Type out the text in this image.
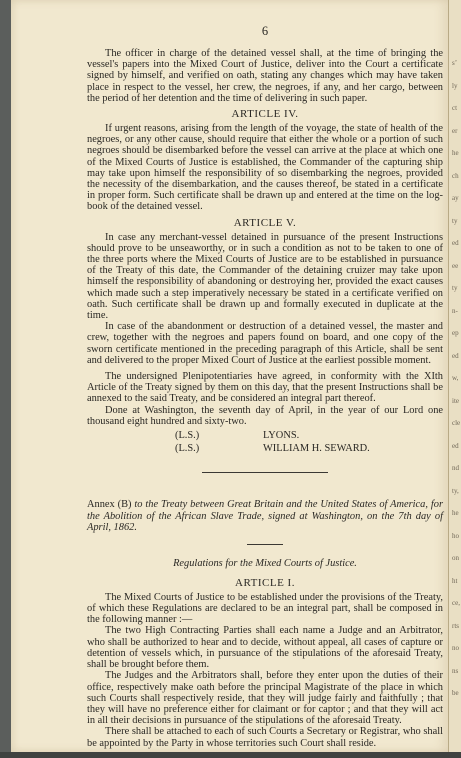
6

The officer in charge of the detained vessel shall, at the time of bringing the vessel's papers into the Mixed Court of Justice, deliver into the Court a certificate signed by himself, and verified on oath, stating any changes which may have taken place in respect to the vessel, her crew, the negroes, if any, and her cargo, between the period of her detention and the time of delivering in such paper.

ARTICLE IV.

If urgent reasons, arising from the length of the voyage, the state of health of the negroes, or any other cause, should require that either the whole or a portion of such negroes should be disembarked before the vessel can arrive at the place at which one of the Mixed Courts of Justice is established, the Commander of the capturing ship may take upon himself the responsibility of so disembarking the negroes, provided the necessity of the disembarkation, and the causes thereof, be stated in a certificate in proper form. Such certificate shall be drawn up and entered at the time on the log-book of the detained vessel.

ARTICLE V.

In case any merchant-vessel detained in pursuance of the present Instructions should prove to be unseaworthy, or in such a condition as not to be taken to one of the three ports where the Mixed Courts of Justice are to be established in pursuance of the Treaty of this date, the Commander of the detaining cruizer may take upon himself the responsibility of abandoning or destroying her, provided the exact causes which made such a step imperatively necessary be stated in a certificate verified on oath. Such certificate shall be drawn up and formally executed in duplicate at the time.

In case of the abandonment or destruction of a detained vessel, the master and crew, together with the negroes and papers found on board, and one copy of the sworn certificate mentioned in the preceding paragraph of this Article, shall be sent and delivered to the proper Mixed Court of Justice at the earliest possible moment.

The undersigned Plenipotentiaries have agreed, in conformity with the XIth Article of the Treaty signed by them on this day, that the present Instructions shall be annexed to the said Treaty, and be considered an integral part thereof.

Done at Washington, the seventh day of April, in the year of our Lord one thousand eight hundred and sixty-two.

(L.S.)	LYONS.
(L.S.)	WILLIAM H. SEWARD.

Annex (B) to the Treaty between Great Britain and the United States of America, for the Abolition of the African Slave Trade, signed at Washington, on the 7th day of April, 1862.

Regulations for the Mixed Courts of Justice.
ARTICLE I.

The Mixed Courts of Justice to be established under the provisions of the Treaty, of which these Regulations are declared to be an integral part, shall be composed in the following manner :—

The two High Contracting Parties shall each name a Judge and an Arbitrator, who shall be authorized to hear and to decide, without appeal, all cases of capture or detention of vessels which, in pursuance of the stipulations of the aforesaid Treaty, shall be brought before them.

The Judges and the Arbitrators shall, before they enter upon the duties of their office, respectively make oath before the principal Magistrate of the place in which such Courts shall respectively reside, that they will judge fairly and faithfully ; that they will have no preference either for claimant or for captor ; and that they will act in all their decisions in pursuance of the stipulations of the aforesaid Treaty.

There shall be attached to each of such Courts a Secretary or Registrar, who shall be appointed by the Party in whose territories such Court shall reside.

s’
ly
ct
er
he
ch
ay
ty
ed
ee
ty
n-
ep
ed
w,
ite
cle
ed
nd
ty,
he
ho
on
ht
ce,
rts
no
ns
be
